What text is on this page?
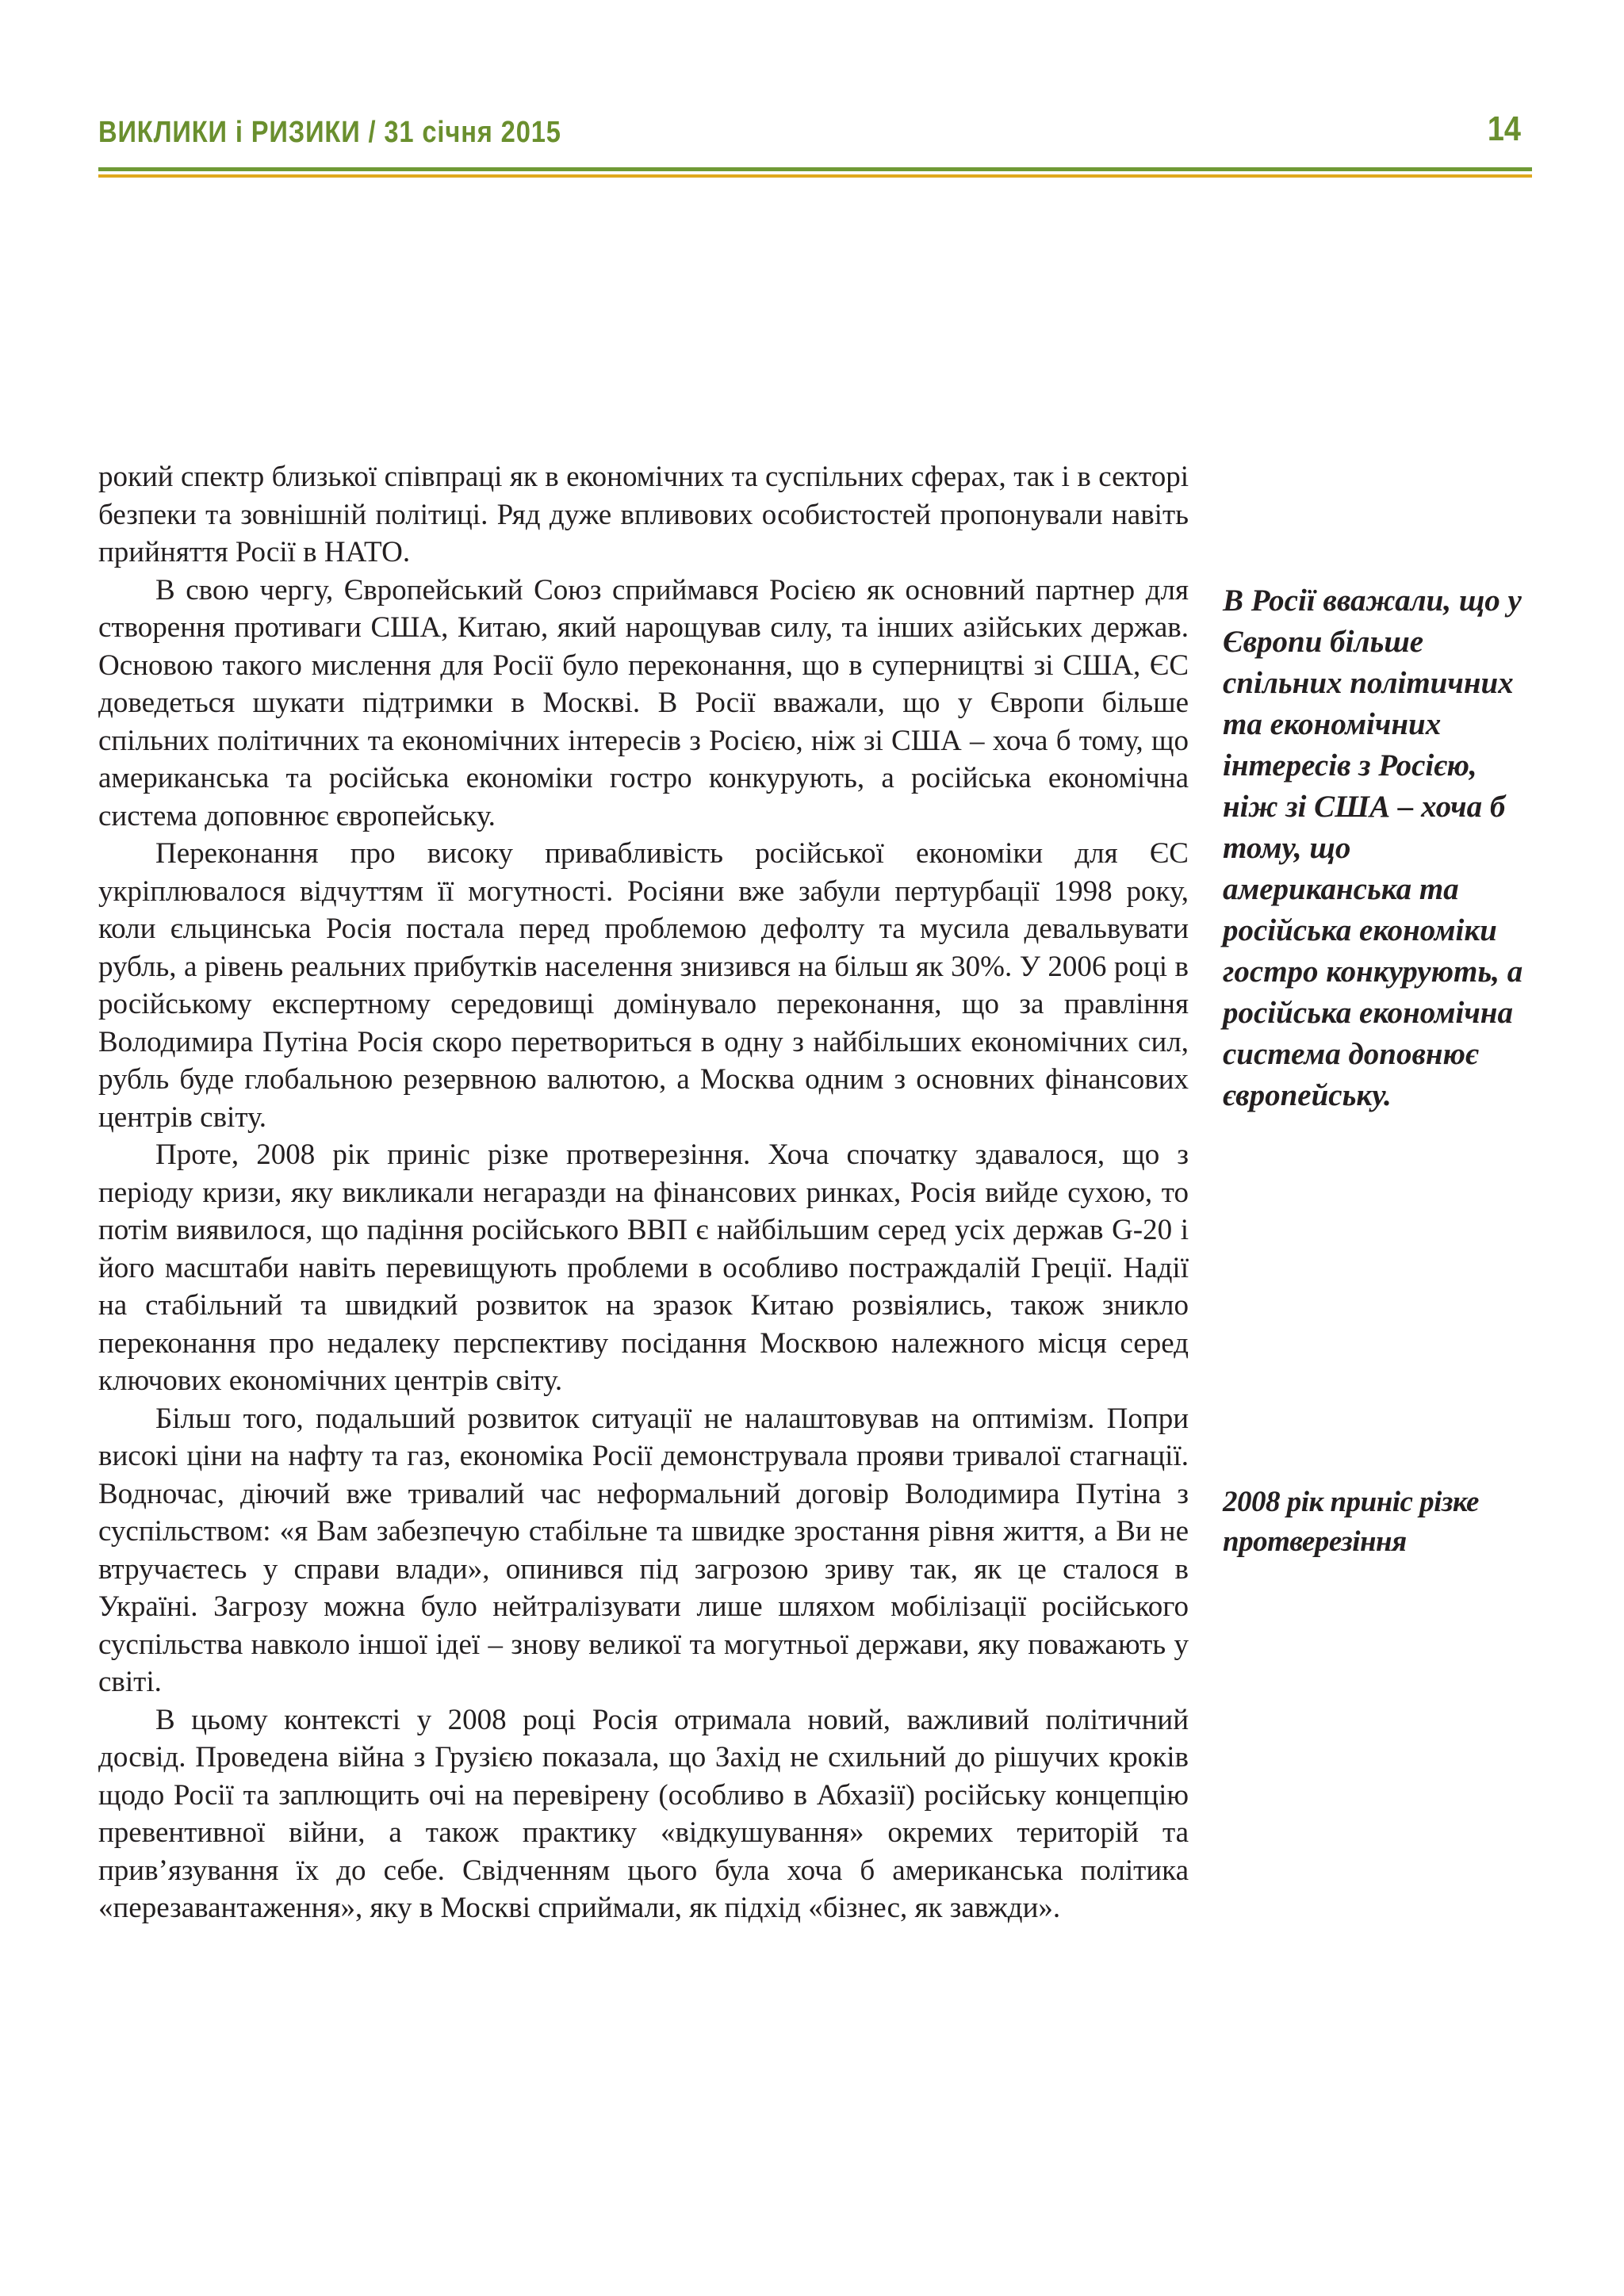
ВИКЛИКИ і РИЗИКИ / 31 січня 2015	14

рокий спектр близької співпраці як в економічних та суспільних сферах, так і в секторі безпеки та зовнішній політиці. Ряд дуже впливових особистостей пропонували навіть прийняття Росії в НАТО.

В свою чергу, Європейський Союз сприймався Росією як основний партнер для створення противаги США, Китаю, який нарощував силу, та інших азійських держав. Основою такого мислення для Росії було переконання, що в суперництві зі США, ЄС доведеться шукати підтримки в Москві. В Росії вважали, що у Європи більше спільних політичних та економічних інтересів з Росією, ніж зі США – хоча б тому, що американська та російська економіки гостро конкурують, а російська економічна система доповнює європейську.

Переконання про високу привабливість російської економіки для ЄС укріплювалося відчуттям її могутності. Росіяни вже забули пертурбації 1998 року, коли єльцинська Росія постала перед проблемою дефолту та мусила девальвувати рубль, а рівень реальних прибутків населення знизився на більш як 30%. У 2006 році в російському експертному середовищі домінувало переконання, що за правління Володимира Путіна Росія скоро перетвориться в одну з найбільших економічних сил, рубль буде глобальною резервною валютою, а Москва одним з основних фінансових центрів світу.

Проте, 2008 рік приніс різке протверезіння. Хоча спочатку здавалося, що з періоду кризи, яку викликали негаразди на фінансових ринках, Росія вийде сухою, то потім виявилося, що падіння російського ВВП є найбільшим серед усіх держав G-20 і його масштаби навіть перевищують проблеми в особливо постраждалій Греції. Надії на стабільний та швидкий розвиток на зразок Китаю розвіялись, також зникло переконання про недалеку перспективу посідання Москвою належного місця серед ключових економічних центрів світу.

Більш того, подальший розвиток ситуації не налаштовував на оптимізм. Попри високі ціни на нафту та газ, економіка Росії демонструвала прояви тривалої стагнації. Водночас, діючий вже тривалий час неформальний договір Володимира Путіна з суспільством: «я Вам забезпечую стабільне та швидке зростання рівня життя, а Ви не втручаєтесь у справи влади», опинився під загрозою зриву так, як це сталося в Україні. Загрозу можна було нейтралізувати лише шляхом мобілізації російського суспільства навколо іншої ідеї – знову великої та могутньої держави, яку поважають у світі.

В цьому контексті у 2008 році Росія отримала новий, важливий політичний досвід. Проведена війна з Грузією показала, що Захід не схильний до рішучих кроків щодо Росії та заплющить очі на перевірену (особливо в Абхазії) російську концепцію превентивної війни, а також практику «відкушування» окремих територій та прив’язування їх до себе. Свідченням цього була хоча б американська політика «перезавантаження», яку в Москві сприймали, як підхід «бізнес, як завжди».

В Росії вважали, що у Європи більше спільних політичних та економічних інтересів з Росією, ніж зі США – хоча б тому, що американська та російська економіки гостро конкурують, а російська економічна система доповнює європейську.
2008 рік приніс різке протверезіння
